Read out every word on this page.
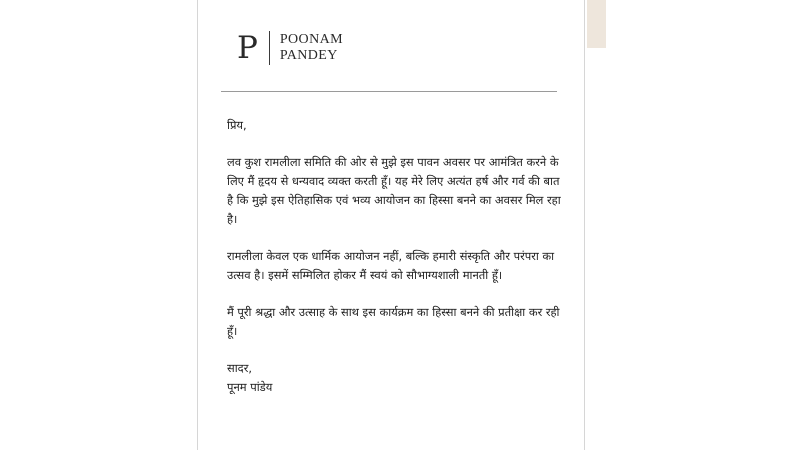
P POONAM
PANDEY

प्रिय,

लव कुश रामलीला समिति की ओर से मुझे इस पावन अवसर पर आमंत्रित करने के लिए मैं हृदय से धन्यवाद व्यक्त करती हूँ। यह मेरे लिए अत्यंत हर्ष और गर्व की बात है कि मुझे इस ऐतिहासिक एवं भव्य आयोजन का हिस्सा बनने का अवसर मिल रहा है।

रामलीला केवल एक धार्मिक आयोजन नहीं, बल्कि हमारी संस्कृति और परंपरा का उत्सव है। इसमें सम्मिलित होकर मैं स्वयं को सौभाग्यशाली मानती हूँ।

मैं पूरी श्रद्धा और उत्साह के साथ इस कार्यक्रम का हिस्सा बनने की प्रतीक्षा कर रही हूँ।

सादर,

पूनम पांडेय
